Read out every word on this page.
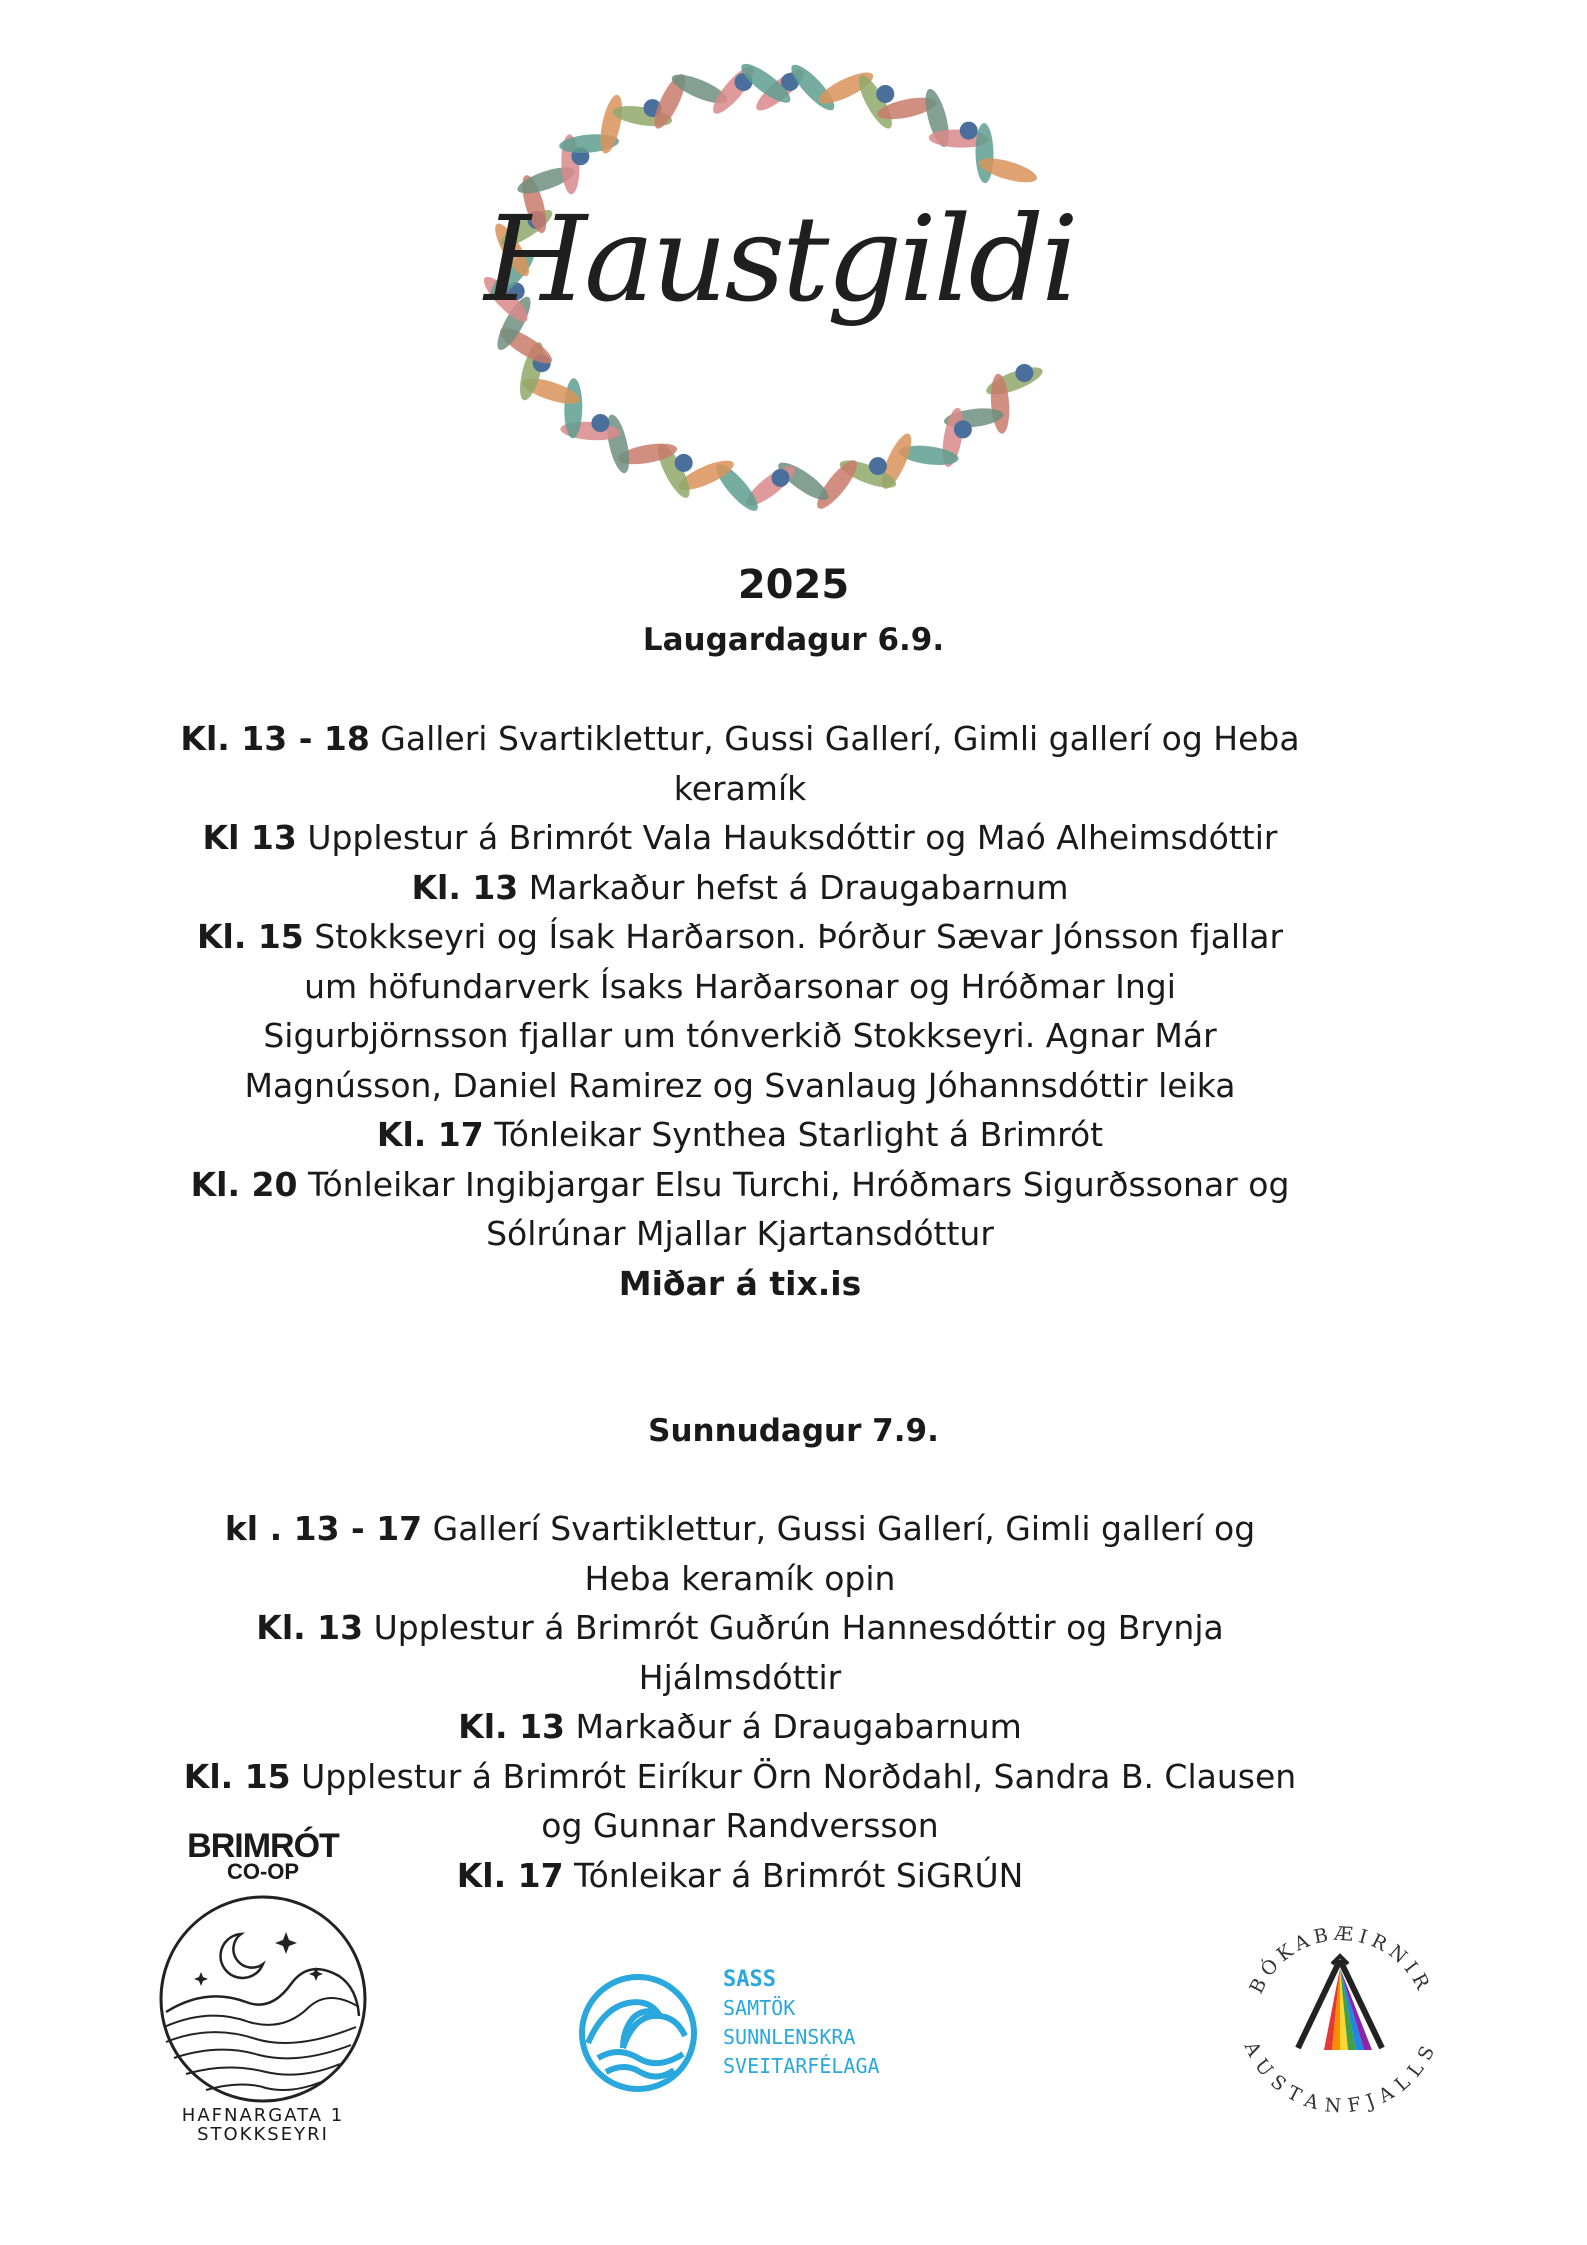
Haustgildi
2025
Laugardagur 6.9.

Kl. 13 - 18 Galleri Svartiklettur, Gussi Gallerí, Gimli gallerí og Heba keramík

Kl 13 Upplestur á Brimrót Vala Hauksdóttir og Maó Alheimsdóttir

Kl. 13 Markaður hefst á Draugabarnum

Kl. 15 Stokkseyri og Ísak Harðarson. Þórður Sævar Jónsson fjallar um höfundarverk Ísaks Harðarsonar og Hróðmar Ingi Sigurbjörnsson fjallar um tónverkið Stokkseyri. Agnar Már Magnússon, Daniel Ramirez og Svanlaug Jóhannsdóttir leika

Kl. 17 Tónleikar Synthea Starlight á Brimrót

Kl. 20 Tónleikar Ingibjargar Elsu Turchi, Hróðmars Sigurðssonar og Sólrúnar Mjallar Kjartansdóttur

Miðar á tix.is

Sunnudagur 7.9.

kl . 13 - 17 Gallerí Svartiklettur, Gussi Gallerí, Gimli gallerí og Heba keramík opin

Kl. 13 Upplestur á Brimrót Guðrún Hannesdóttir og Brynja Hjálmsdóttir

Kl. 13 Markaður á Draugabarnum

Kl. 15 Upplestur á Brimrót Eiríkur Örn Norðdahl, Sandra B. Clausen og Gunnar Randversson

Kl. 17 Tónleikar á Brimrót SiGRÚN

BRIMRÓT
CO-OP
HAFNARGATA 1
STOKKSEYRI
SASS
SAMTÖK
SUNNLENSKRA
SVEITARFÉLAGA
BÓKABÆIRNIR
AUSTANFJALLS
